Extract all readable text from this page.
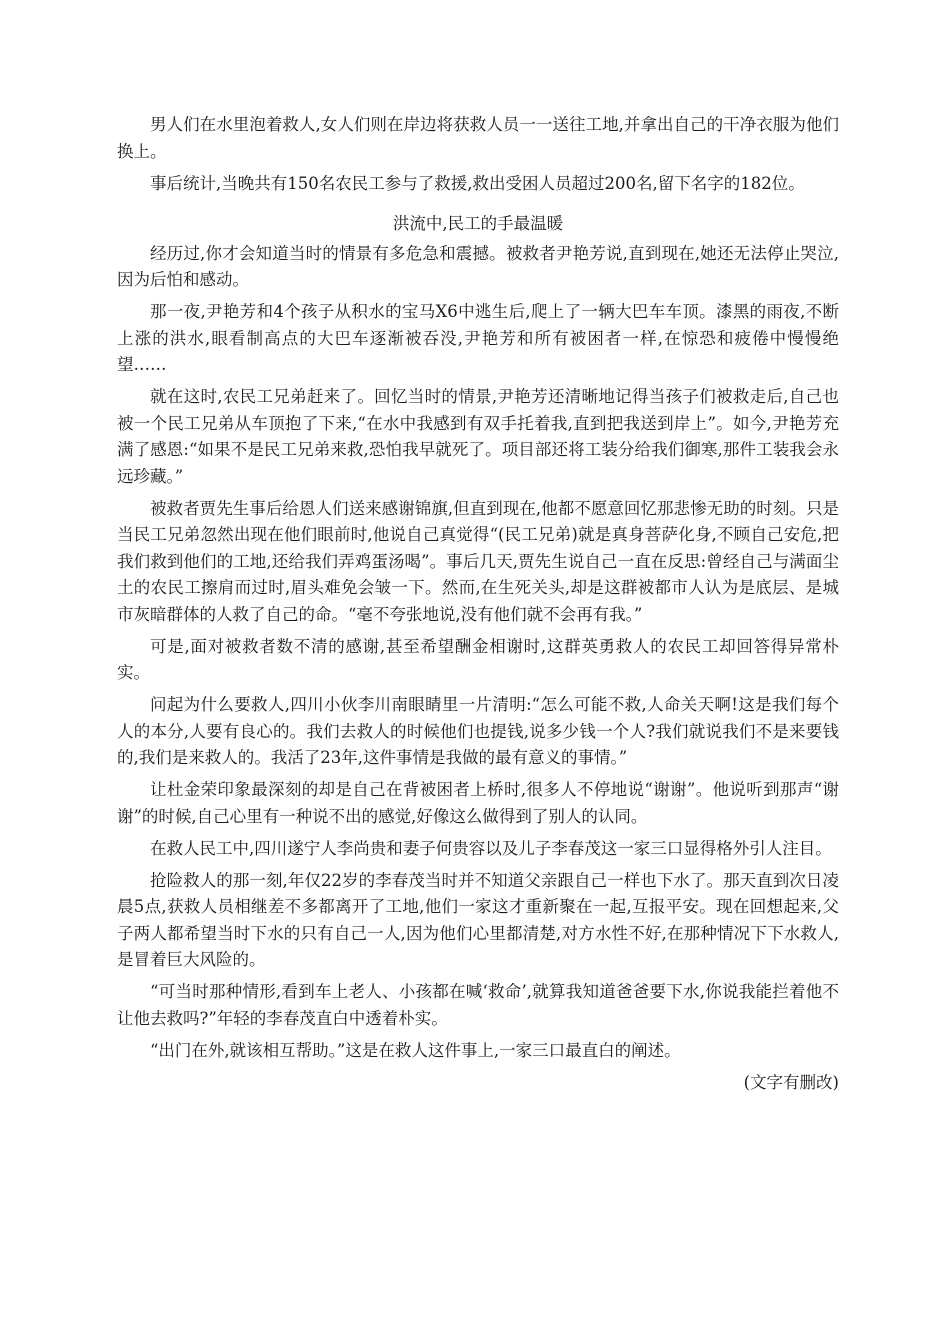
男人们在水里泡着救人,女人们则在岸边将获救人员一一送往工地,并拿出自己的干净衣服为他们换上。

事后统计,当晚共有150名农民工参与了救援,救出受困人员超过200名,留下名字的182位。

洪流中,民工的手最温暖

经历过,你才会知道当时的情景有多危急和震撼。被救者尹艳芳说,直到现在,她还无法停止哭泣,因为后怕和感动。

那一夜,尹艳芳和4个孩子从积水的宝马X6中逃生后,爬上了一辆大巴车车顶。漆黑的雨夜,不断上涨的洪水,眼看制高点的大巴车逐渐被吞没,尹艳芳和所有被困者一样,在惊恐和疲倦中慢慢绝望……

就在这时,农民工兄弟赶来了。回忆当时的情景,尹艳芳还清晰地记得当孩子们被救走后,自己也被一个民工兄弟从车顶抱了下来,“在水中我感到有双手托着我,直到把我送到岸上”。如今,尹艳芳充满了感恩:“如果不是民工兄弟来救,恐怕我早就死了。项目部还将工装分给我们御寒,那件工装我会永远珍藏。”

被救者贾先生事后给恩人们送来感谢锦旗,但直到现在,他都不愿意回忆那悲惨无助的时刻。只是当民工兄弟忽然出现在他们眼前时,他说自己真觉得“(民工兄弟)就是真身菩萨化身,不顾自己安危,把我们救到他们的工地,还给我们弄鸡蛋汤喝”。事后几天,贾先生说自己一直在反思:曾经自己与满面尘土的农民工擦肩而过时,眉头难免会皱一下。然而,在生死关头,却是这群被都市人认为是底层、是城市灰暗群体的人救了自己的命。“毫不夸张地说,没有他们就不会再有我。”

可是,面对被救者数不清的感谢,甚至希望酬金相谢时,这群英勇救人的农民工却回答得异常朴实。

问起为什么要救人,四川小伙李川南眼睛里一片清明:“怎么可能不救,人命关天啊!这是我们每个人的本分,人要有良心的。我们去救人的时候他们也提钱,说多少钱一个人?我们就说我们不是来要钱的,我们是来救人的。我活了23年,这件事情是我做的最有意义的事情。”

让杜金荣印象最深刻的却是自己在背被困者上桥时,很多人不停地说“谢谢”。他说听到那声“谢谢”的时候,自己心里有一种说不出的感觉,好像这么做得到了别人的认同。

在救人民工中,四川遂宁人李尚贵和妻子何贵容以及儿子李春茂这一家三口显得格外引人注目。

抢险救人的那一刻,年仅22岁的李春茂当时并不知道父亲跟自己一样也下水了。那天直到次日凌晨5点,获救人员相继差不多都离开了工地,他们一家这才重新聚在一起,互报平安。现在回想起来,父子两人都希望当时下水的只有自己一人,因为他们心里都清楚,对方水性不好,在那种情况下下水救人,是冒着巨大风险的。

“可当时那种情形,看到车上老人、小孩都在喊‘救命’,就算我知道爸爸要下水,你说我能拦着他不让他去救吗?”年轻的李春茂直白中透着朴实。

“出门在外,就该相互帮助。”这是在救人这件事上,一家三口最直白的阐述。

(文字有删改)
